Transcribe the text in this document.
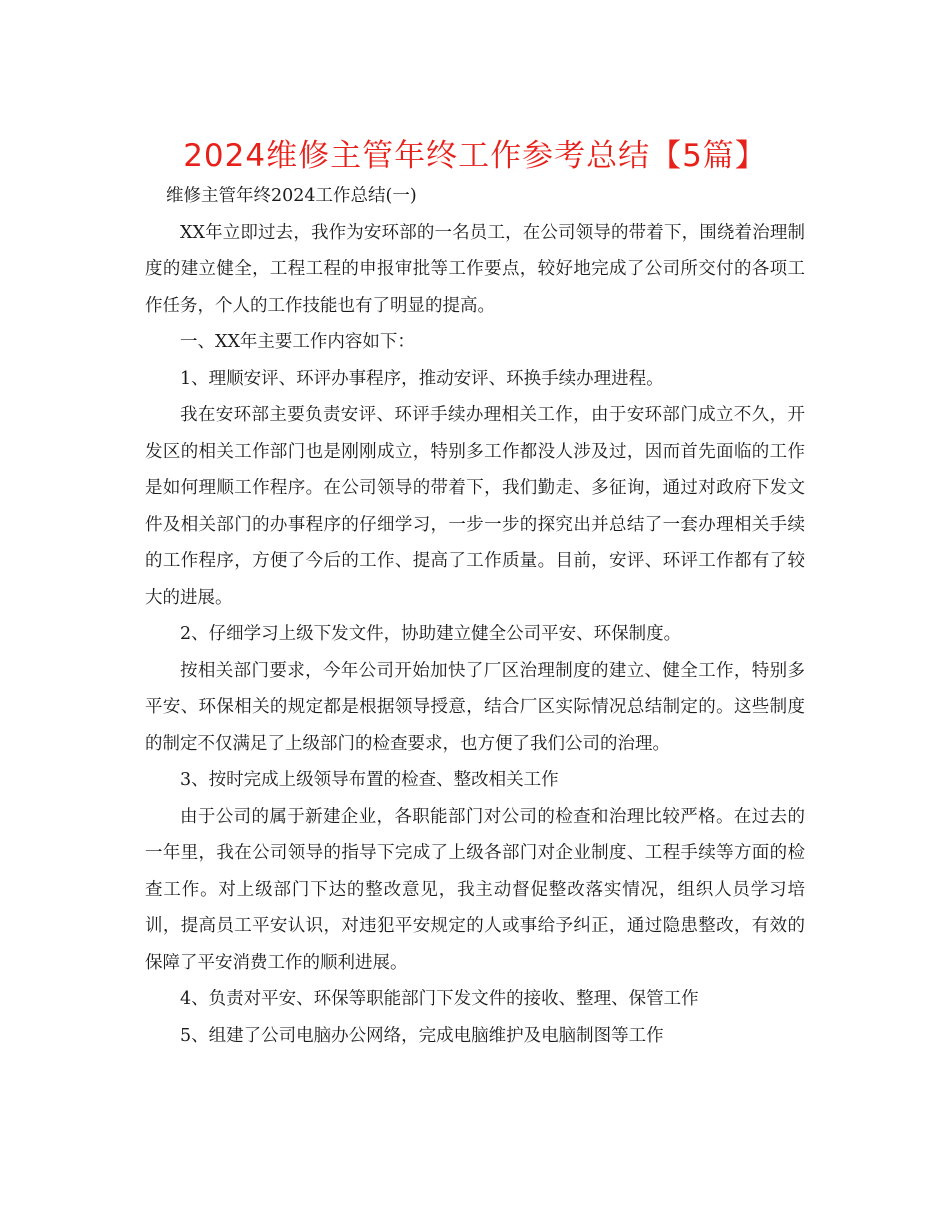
2024维修主管年终工作参考总结【5篇】

维修主管年终2024工作总结(一)

XX年立即过去，我作为安环部的一名员工，在公司领导的带着下，围绕着治理制度的建立健全，工程工程的申报审批等工作要点，较好地完成了公司所交付的各项工作任务，个人的工作技能也有了明显的提高。

一、XX年主要工作内容如下：

1、理顺安评、环评办事程序，推动安评、环换手续办理进程。

我在安环部主要负责安评、环评手续办理相关工作，由于安环部门成立不久，开发区的相关工作部门也是刚刚成立，特别多工作都没人涉及过，因而首先面临的工作是如何理顺工作程序。在公司领导的带着下，我们勤走、多征询，通过对政府下发文件及相关部门的办事程序的仔细学习，一步一步的探究出并总结了一套办理相关手续的工作程序，方便了今后的工作、提高了工作质量。目前，安评、环评工作都有了较大的进展。

2、仔细学习上级下发文件，协助建立健全公司平安、环保制度。

按相关部门要求，今年公司开始加快了厂区治理制度的建立、健全工作，特别多平安、环保相关的规定都是根据领导授意，结合厂区实际情况总结制定的。这些制度的制定不仅满足了上级部门的检查要求，也方便了我们公司的治理。

3、按时完成上级领导布置的检查、整改相关工作

由于公司的属于新建企业，各职能部门对公司的检查和治理比较严格。在过去的一年里，我在公司领导的指导下完成了上级各部门对企业制度、工程手续等方面的检查工作。对上级部门下达的整改意见，我主动督促整改落实情况，组织人员学习培训，提高员工平安认识，对违犯平安规定的人或事给予纠正，通过隐患整改，有效的保障了平安消费工作的顺利进展。

4、负责对平安、环保等职能部门下发文件的接收、整理、保管工作

5、组建了公司电脑办公网络，完成电脑维护及电脑制图等工作
